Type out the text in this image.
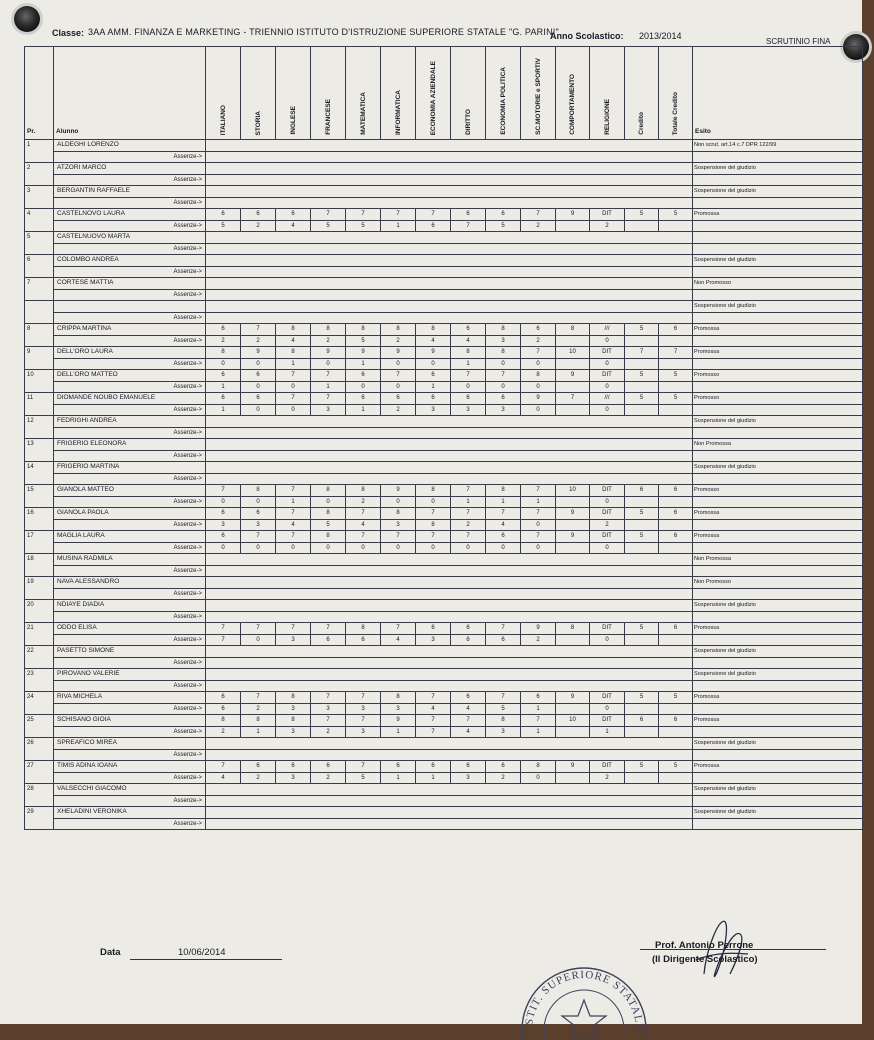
Classe: 3AA AMM. FINANZA E MARKETING - TRIENNIO ISTITUTO D'ISTRUZIONE SUPERIORE STATALE "G. PARINI"
Anno Scolastico: 2013/2014
SCRUTINIO FINA
Pr.	Alunno	ITALIANO	STORIA	INGLESE	FRANCESE	MATEMATICA	INFORMATICA	ECONOMIA AZIENDALE	DIRITTO	ECONOMIA POLITICA	SC.MOTORIE e SPORTIV	COMPORTAMENTO	RELIGIONE	Credito	Totale Credito	Esito
1	ALDEGHI LORENZO															Non scrut. art.14 c.7 DPR 122/99
	Assenze->															
2	ATZORI MARCO															Sospensione del giudizio
	Assenze->															
3	BERGANTIN RAFFAELE															Sospensione del giudizio
	Assenze->															
4	CASTELNOVO LAURA	6	6	6	7	7	7	7	6	6	7	9	DIT	5	5	Promossa
	Assenze->	5	2	4	5	5	1	6	7	5	2		2			
5	CASTELNUOVO MARTA															
	Assenze->															
6	COLOMBO ANDREA															Sospensione del giudizio
	Assenze->															
7	CORTESE MATTIA															Non Promosso
	Assenze->															
																Sospensione del giudizio
	Assenze->															
8	CRIPPA MARTINA	6	7	8	8	8	8	8	6	8	6	8	///	5	6	Promossa
	Assenze->	2	2	4	2	5	2	4	4	3	2		0			
9	DELL'ORO LAURA	8	9	8	9	9	9	9	8	8	7	10	DIT	7	7	Promossa
	Assenze->	0	0	1	0	1	0	0	1	0	0		0			
10	DELL'ORO MATTEO	6	6	7	7	6	7	6	7	7	8	9	DIT	5	5	Promosso
	Assenze->	1	0	0	1	0	0	1	0	0	0		0			
11	DIOMANDE NOUBO EMANUELE	6	6	7	7	6	6	6	6	6	9	7	///	5	5	Promosso
	Assenze->	1	0	0	3	1	2	3	3	3	0		0			
12	FEDRIGHI ANDREA															Sospensione del giudizio
	Assenze->															
13	FRIGERIO ELEONORA															Non Promossa
	Assenze->															
14	FRIGERIO MARTINA															Sospensione del giudizio
	Assenze->															
15	GIANOLA MATTEO	7	8	7	8	8	9	8	7	8	7	10	DIT	6	6	Promosso
	Assenze->	0	0	1	0	2	0	0	1	1	1		0			
16	GIANOLA PAOLA	6	6	7	8	7	8	7	7	7	7	9	DIT	5	6	Promossa
	Assenze->	3	3	4	5	4	3	8	2	4	0		2			
17	MAGLIA LAURA	6	7	7	8	7	7	7	7	6	7	9	DIT	5	6	Promossa
	Assenze->	0	0	0	0	0	0	0	0	0	0		0			
18	MUSINA RADMILA															Non Promossa
	Assenze->															
19	NAVA ALESSANDRO															Non Promosso
	Assenze->															
20	NDIAYE DIADIA															Sospensione del giudizio
	Assenze->															
21	ODDO ELISA	7	7	7	7	8	7	6	6	7	9	8	DIT	5	6	Promossa
	Assenze->	7	0	3	6	6	4	3	6	6	2		0			
22	PASETTO SIMONE															Sospensione del giudizio
	Assenze->															
23	PIROVANO VALERIE															Sospensione del giudizio
	Assenze->															
24	RIVA MICHELA	6	7	8	7	7	8	7	6	7	6	9	DIT	5	5	Promossa
	Assenze->	6	2	3	3	3	3	4	4	5	1		0			
25	SCHISANO GIOIA	8	8	8	7	7	9	7	7	8	7	10	DIT	6	6	Promossa
	Assenze->	2	1	3	2	3	1	7	4	3	1		1			
26	SPREAFICO MIREA															Sospensione del giudizio
	Assenze->															
27	TIMIS ADINA IOANA	7	6	6	6	7	6	6	6	6	8	9	DIT	5	5	Promossa
	Assenze->	4	2	3	2	5	1	1	3	2	0		2			
28	VALSECCHI GIACOMO															Sospensione del giudizio
	Assenze->															
29	XHELADINI VERONIKA															Sospensione del giudizio
	Assenze->															
ISTIT. SUPERIORE STATALE
Data	10/06/2014
Prof. Antonio Perrone
(Il Dirigente Scolastico)
